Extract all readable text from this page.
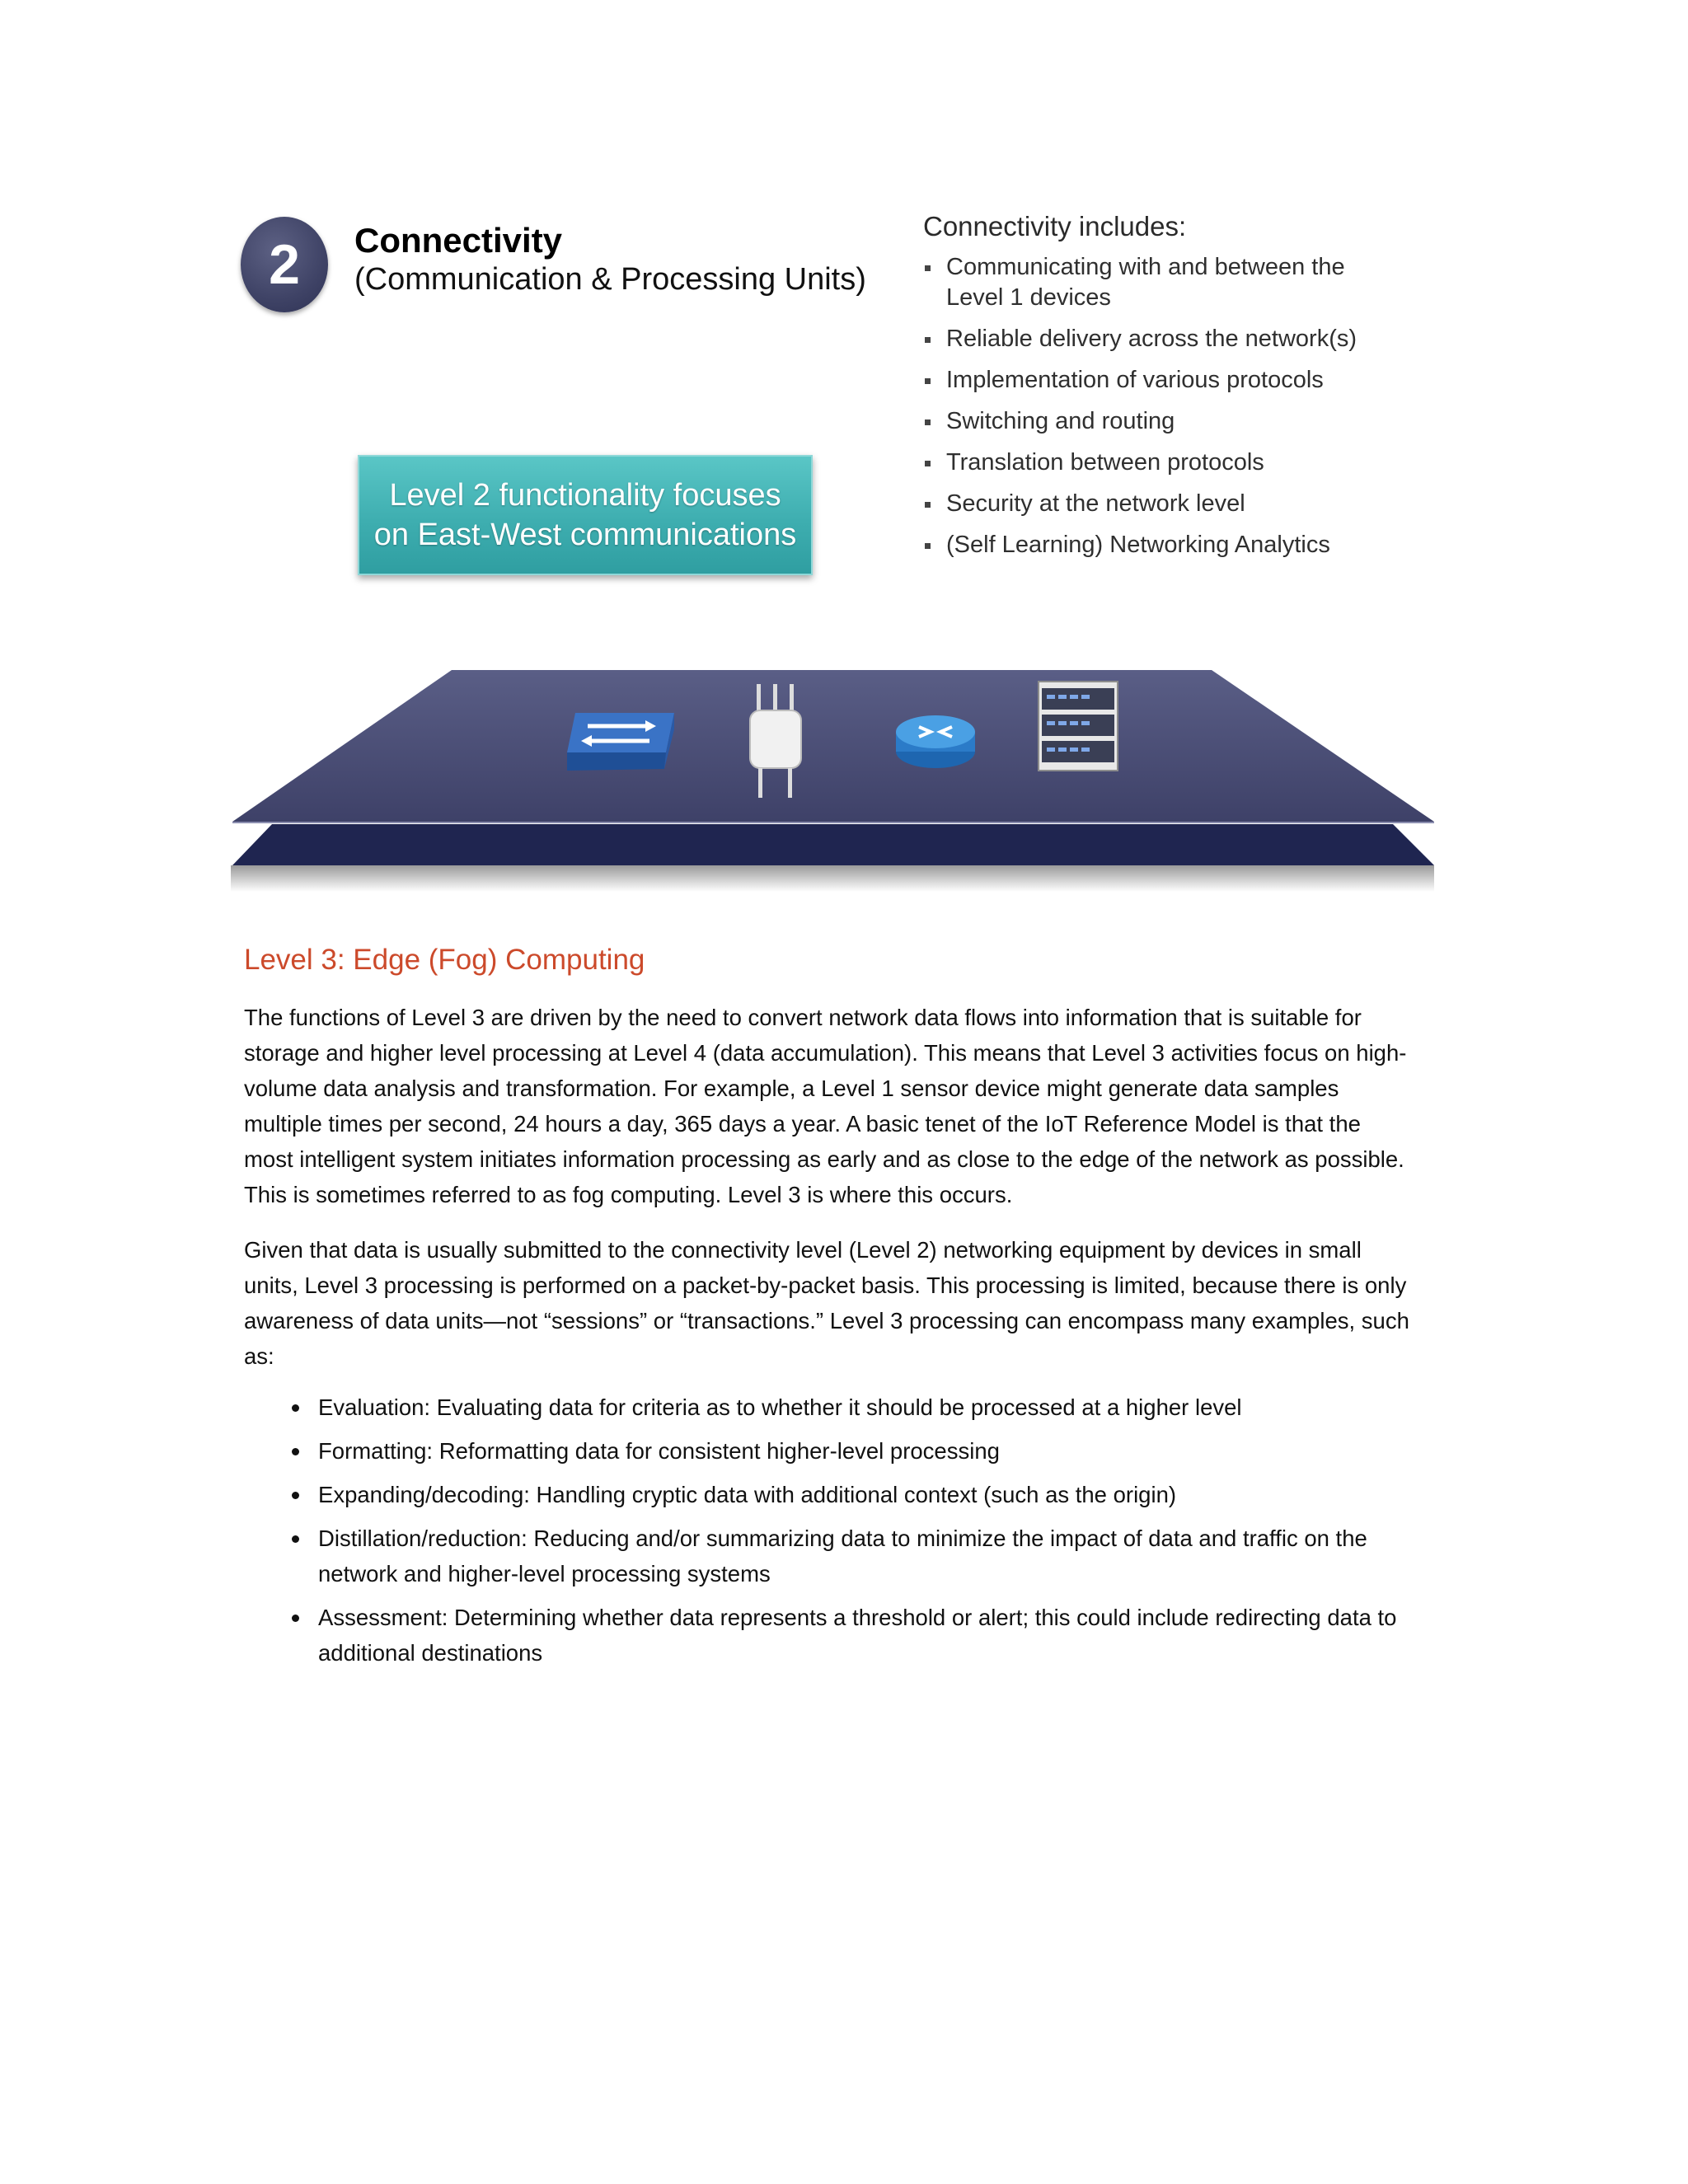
2	Connectivity
(Communication & Processing Units)
Level 2 functionality focuses
on East-West communications
Connectivity includes:
Communicating with and between the Level 1 devices
Reliable delivery across the network(s)
Implementation of various protocols
Switching and routing
Translation between protocols
Security at the network level
(Self Learning) Networking Analytics
Level 3: Edge (Fog) Computing

The functions of Level 3 are driven by the need to convert network data flows into information that is suitable for storage and higher level processing at Level 4 (data accumulation). This means that Level 3 activities focus on high-volume data analysis and transformation. For example, a Level 1 sensor device might generate data samples multiple times per second, 24 hours a day, 365 days a year. A basic tenet of the IoT Reference Model is that the most intelligent system initiates information processing as early and as close to the edge of the network as possible. This is sometimes referred to as fog computing. Level 3 is where this occurs.

Given that data is usually submitted to the connectivity level (Level 2) networking equipment by devices in small units, Level 3 processing is performed on a packet-by-packet basis. This processing is limited, because there is only awareness of data units—not “sessions” or “transactions.” Level 3 processing can encompass many examples, such as:

Evaluation: Evaluating data for criteria as to whether it should be processed at a higher level
Formatting: Reformatting data for consistent higher-level processing
Expanding/decoding: Handling cryptic data with additional context (such as the origin)
Distillation/reduction: Reducing and/or summarizing data to minimize the impact of data and traffic on the network and higher-level processing systems
Assessment: Determining whether data represents a threshold or alert; this could include redirecting data to additional destinations
